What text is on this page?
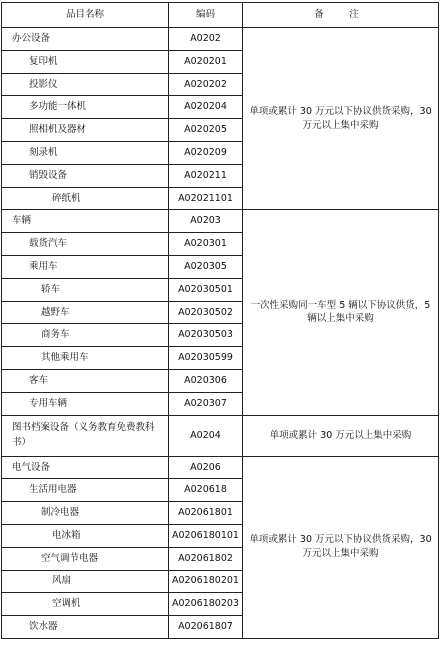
品目名称	编码	备　注
办公设备	A0202	单项或累计 30 万元以下协议供货采购，30 万元以上集中采购
复印机	A020201	
投影仪	A020202	
多功能一体机	A020204	
照相机及器材	A020205	
刻录机	A020209	
销毁设备	A020211	
碎纸机	A02021101	
车辆	A0203	一次性采购同一车型 5 辆以下协议供货，5 辆以上集中采购
载货汽车	A020301	
乘用车	A020305	
轿车	A02030501	
越野车	A02030502	
商务车	A02030503	
其他乘用车	A02030599	
客车	A020306	
专用车辆	A020307	
图书档案设备（义务教育免费教科书）	A0204	单项或累计 30 万元以上集中采购
电气设备	A0206	单项或累计 30 万元以下协议供货采购，30 万元以上集中采购
生活用电器	A020618	
制冷电器	A02061801	
电冰箱	A0206180101	
空气调节电器	A02061802	
风扇	A0206180201	
空调机	A0206180203	
饮水器	A02061807	
